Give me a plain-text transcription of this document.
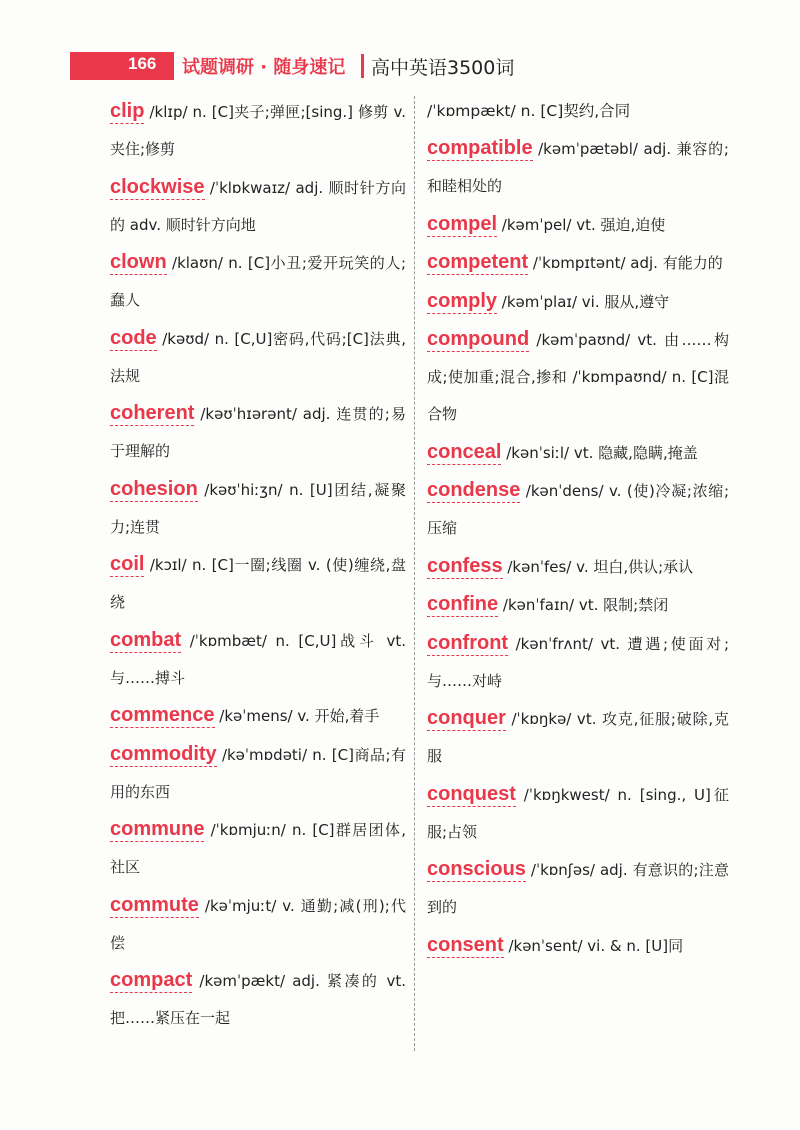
166 试题调研 · 随身速记 高中英语3500词
clip /klɪp/ n. [C]夹子;弹匣;[sing.] 修剪 v. 夹住;修剪
clockwise /ˈklɒkwaɪz/ adj. 顺时针方向的 adv. 顺时针方向地
clown /klaʊn/ n. [C]小丑;爱开玩笑的人;蠢人
code /kəʊd/ n. [C,U]密码,代码;[C]法典,法规
coherent /kəʊˈhɪərənt/ adj. 连贯的;易于理解的
cohesion /kəʊˈhiːʒn/ n. [U]团结,凝聚力;连贯
coil /kɔɪl/ n. [C]一圈;线圈 v. (使)缠绕,盘绕
combat /ˈkɒmbæt/ n. [C,U]战斗 vt. 与……搏斗
commence /kəˈmens/ v. 开始,着手
commodity /kəˈmɒdəti/ n. [C]商品;有用的东西
commune /ˈkɒmjuːn/ n. [C]群居团体,社区
commute /kəˈmjuːt/ v. 通勤;减(刑);代偿
compact /kəmˈpækt/ adj. 紧凑的 vt. 把……紧压在一起
/ˈkɒmpækt/ n. [C]契约,合同
compatible /kəmˈpætəbl/ adj. 兼容的;和睦相处的
compel /kəmˈpel/ vt. 强迫,迫使
competent /ˈkɒmpɪtənt/ adj. 有能力的
comply /kəmˈplaɪ/ vi. 服从,遵守
compound /kəmˈpaʊnd/ vt. 由……构成;使加重;混合,掺和 /ˈkɒmpaʊnd/ n. [C]混合物
conceal /kənˈsiːl/ vt. 隐藏,隐瞒,掩盖
condense /kənˈdens/ v. (使)冷凝;浓缩;压缩
confess /kənˈfes/ v. 坦白,供认;承认
confine /kənˈfaɪn/ vt. 限制;禁闭
confront /kənˈfrʌnt/ vt. 遭遇;使面对;与……对峙
conquer /ˈkɒŋkə/ vt. 攻克,征服;破除,克服
conquest /ˈkɒŋkwest/ n. [sing., U]征服;占领
conscious /ˈkɒnʃəs/ adj. 有意识的;注意到的
consent /kənˈsent/ vi. & n. [U]同
